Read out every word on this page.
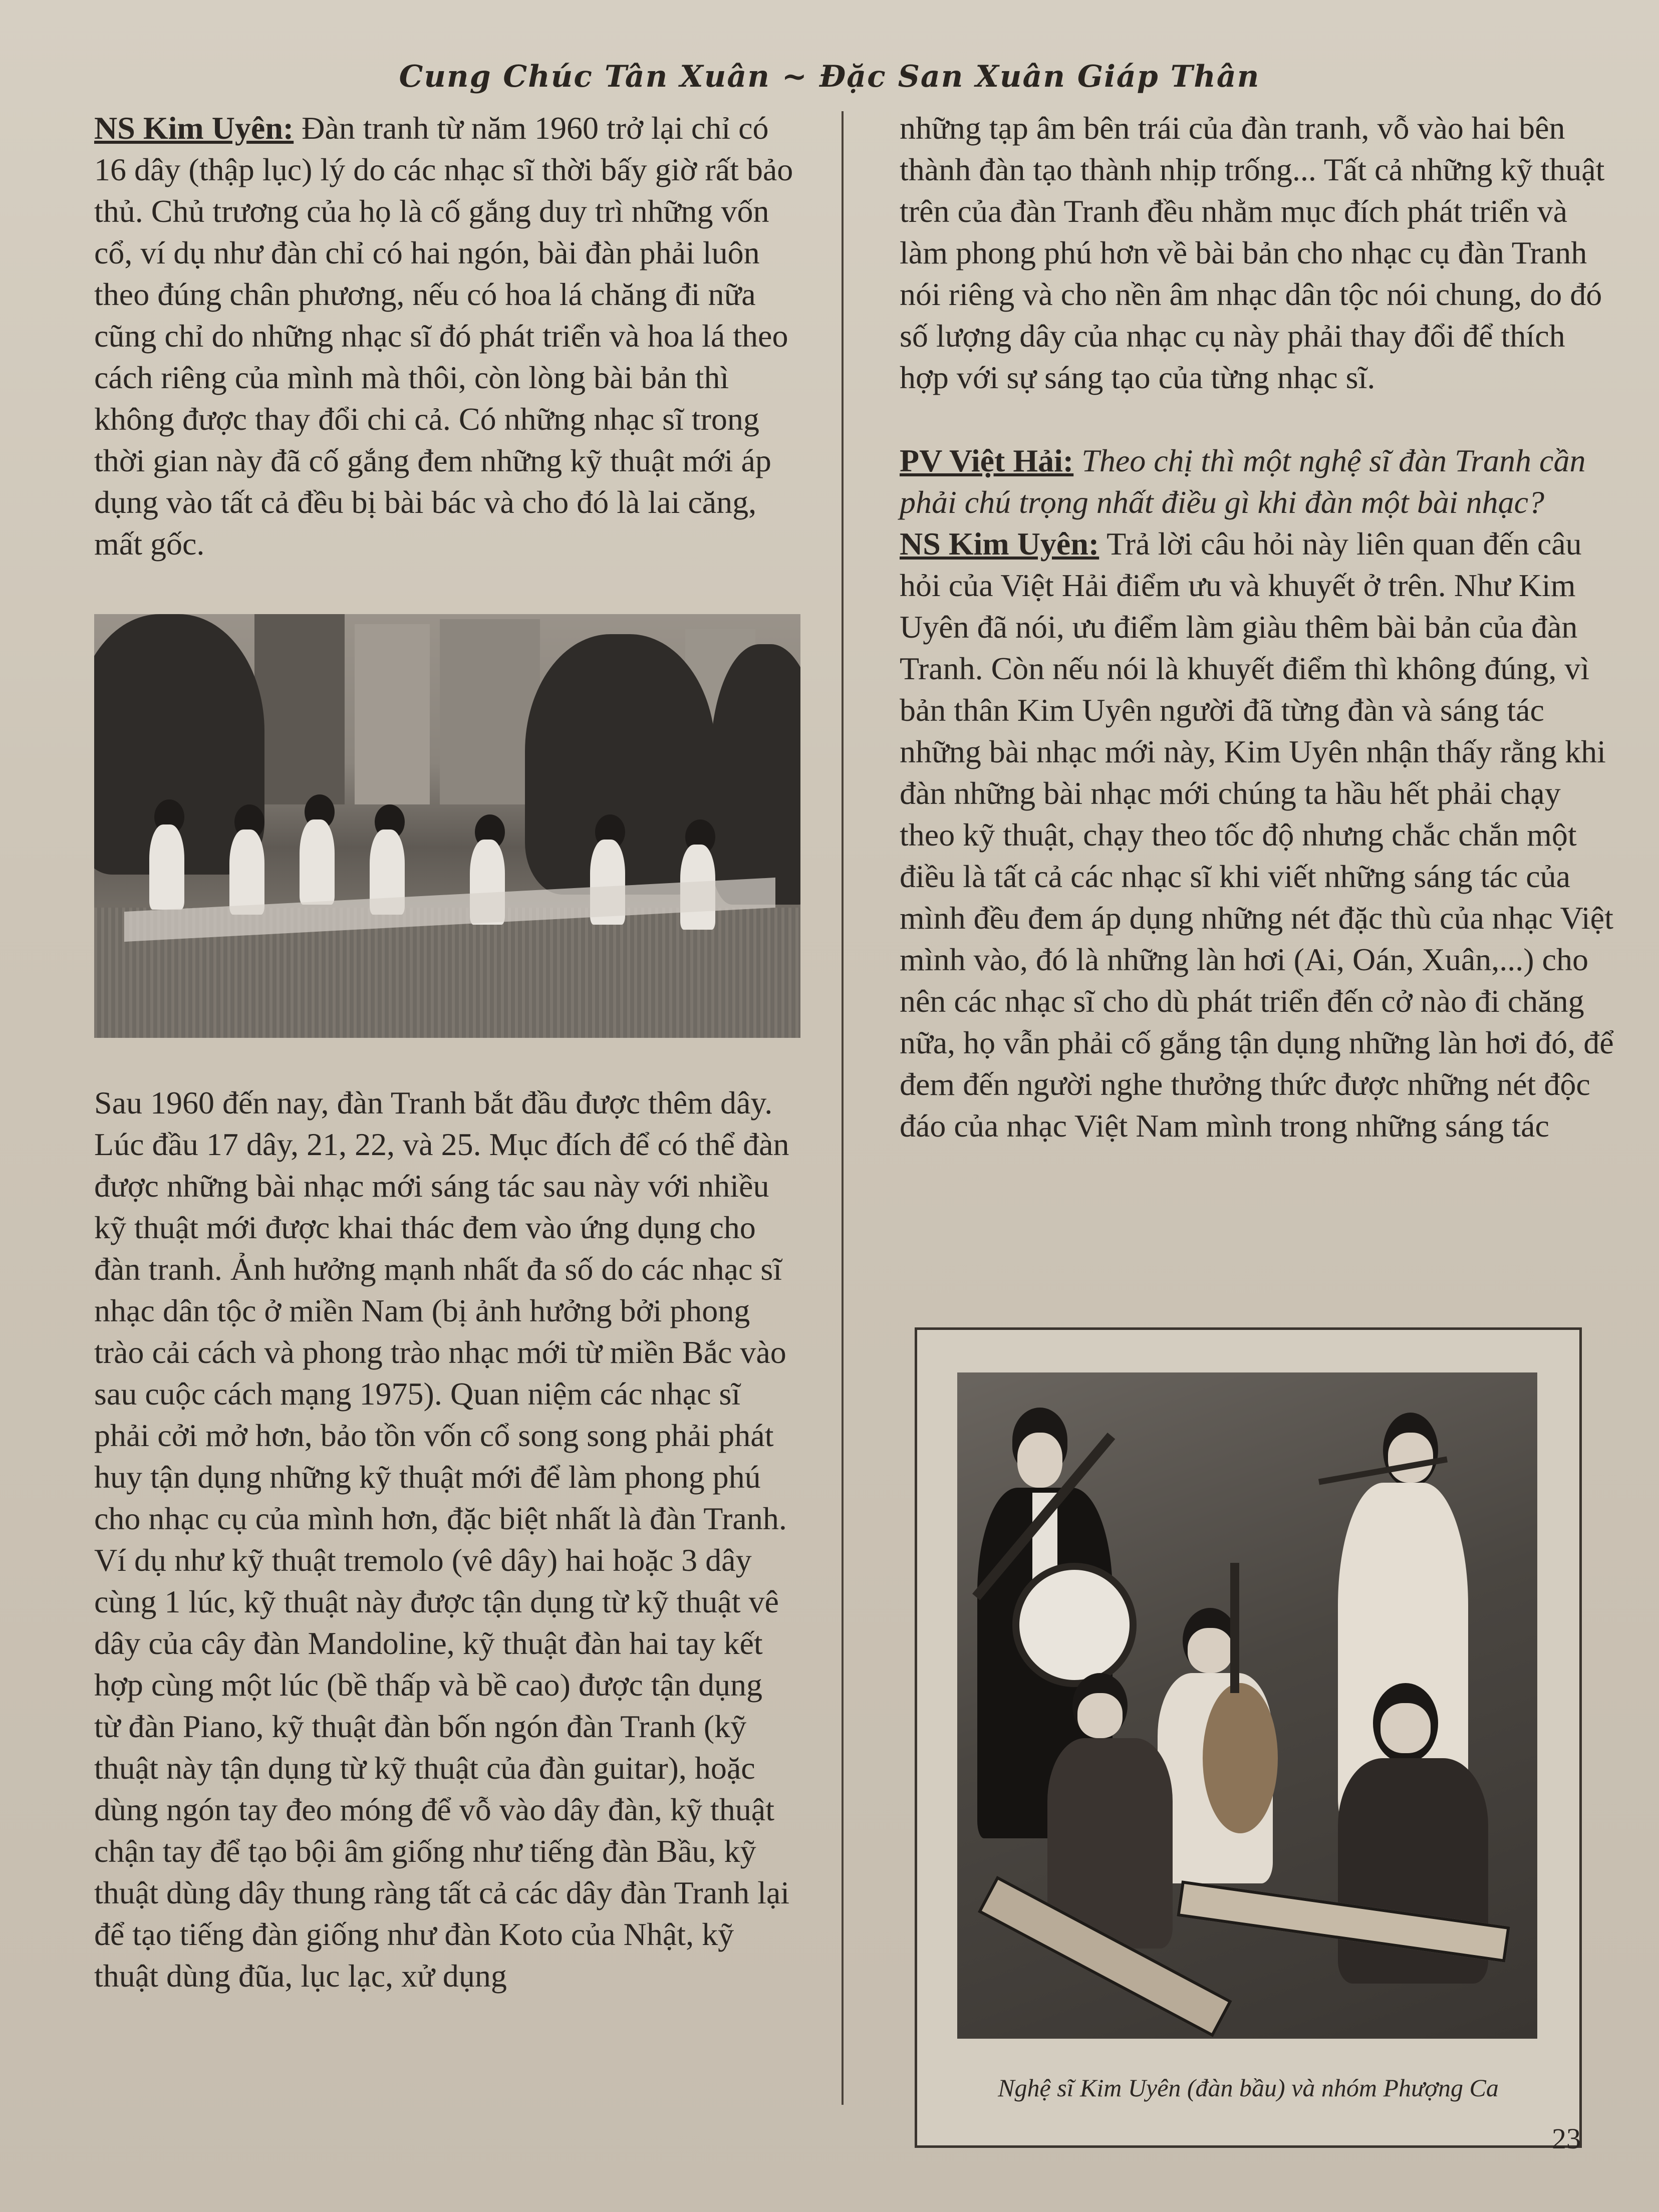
Cung Chúc Tân Xuân ~ Đặc San Xuân Giáp Thân

NS Kim Uyên: Đàn tranh từ năm 1960 trở lại chỉ có 16 dây (thập lục) lý do các nhạc sĩ thời bấy giờ rất bảo thủ. Chủ trương của họ là cố gắng duy trì những vốn cổ, ví dụ như đàn chỉ có hai ngón, bài đàn phải luôn theo đúng chân phương, nếu có hoa lá chăng đi nữa cũng chỉ do những nhạc sĩ đó phát triển và hoa lá theo cách riêng của mình mà thôi, còn lòng bài bản thì không được thay đổi chi cả. Có những nhạc sĩ trong thời gian này đã cố gắng đem những kỹ thuật mới áp dụng vào tất cả đều bị bài bác và cho đó là lai căng, mất gốc.

Sau 1960 đến nay, đàn Tranh bắt đầu được thêm dây. Lúc đầu 17 dây, 21, 22, và 25. Mục đích để có thể đàn được những bài nhạc mới sáng tác sau này với nhiều kỹ thuật mới được khai thác đem vào ứng dụng cho đàn tranh. Ảnh hưởng mạnh nhất đa số do các nhạc sĩ nhạc dân tộc ở miền Nam (bị ảnh hưởng bởi phong trào cải cách và phong trào nhạc mới từ miền Bắc vào sau cuộc cách mạng 1975). Quan niệm các nhạc sĩ phải cởi mở hơn, bảo tồn vốn cổ song song phải phát huy tận dụng những kỹ thuật mới để làm phong phú cho nhạc cụ của mình hơn, đặc biệt nhất là đàn Tranh. Ví dụ như kỹ thuật tremolo (vê dây) hai hoặc 3 dây cùng 1 lúc, kỹ thuật này được tận dụng từ kỹ thuật vê dây của cây đàn Mandoline, kỹ thuật đàn hai tay kết hợp cùng một lúc (bề thấp và bề cao) được tận dụng từ đàn Piano, kỹ thuật đàn bốn ngón đàn Tranh (kỹ thuật này tận dụng từ kỹ thuật của đàn guitar), hoặc dùng ngón tay đeo móng để vỗ vào dây đàn, kỹ thuật chận tay để tạo bội âm giống như tiếng đàn Bầu, kỹ thuật dùng dây thung ràng tất cả các dây đàn Tranh lại để tạo tiếng đàn giống như đàn Koto của Nhật, kỹ thuật dùng đũa, lục lạc, xử dụng

những tạp âm bên trái của đàn tranh, vỗ vào hai bên thành đàn tạo thành nhịp trống... Tất cả những kỹ thuật trên của đàn Tranh đều nhằm mục đích phát triển và làm phong phú hơn về bài bản cho nhạc cụ đàn Tranh nói riêng và cho nền âm nhạc dân tộc nói chung, do đó số lượng dây của nhạc cụ này phải thay đổi để thích hợp với sự sáng tạo của từng nhạc sĩ.

PV Việt Hải: Theo chị thì một nghệ sĩ đàn Tranh cần phải chú trọng nhất điều gì khi đàn một bài nhạc?

NS Kim Uyên: Trả lời câu hỏi này liên quan đến câu hỏi của Việt Hải điểm ưu và khuyết ở trên. Như Kim Uyên đã nói, ưu điểm làm giàu thêm bài bản của đàn Tranh. Còn nếu nói là khuyết điểm thì không đúng, vì bản thân Kim Uyên người đã từng đàn và sáng tác những bài nhạc mới này, Kim Uyên nhận thấy rằng khi đàn những bài nhạc mới chúng ta hầu hết phải chạy theo kỹ thuật, chạy theo tốc độ nhưng chắc chắn một điều là tất cả các nhạc sĩ khi viết những sáng tác của mình đều đem áp dụng những nét đặc thù của nhạc Việt mình vào, đó là những làn hơi (Ai, Oán, Xuân,...) cho nên các nhạc sĩ cho dù phát triển đến cở nào đi chăng nữa, họ vẫn phải cố gắng tận dụng những làn hơi đó, để đem đến người nghe thưởng thức được những nét độc đáo của nhạc Việt Nam mình trong những sáng tác

Nghệ sĩ Kim Uyên (đàn bầu) và nhóm Phượng Ca
23
